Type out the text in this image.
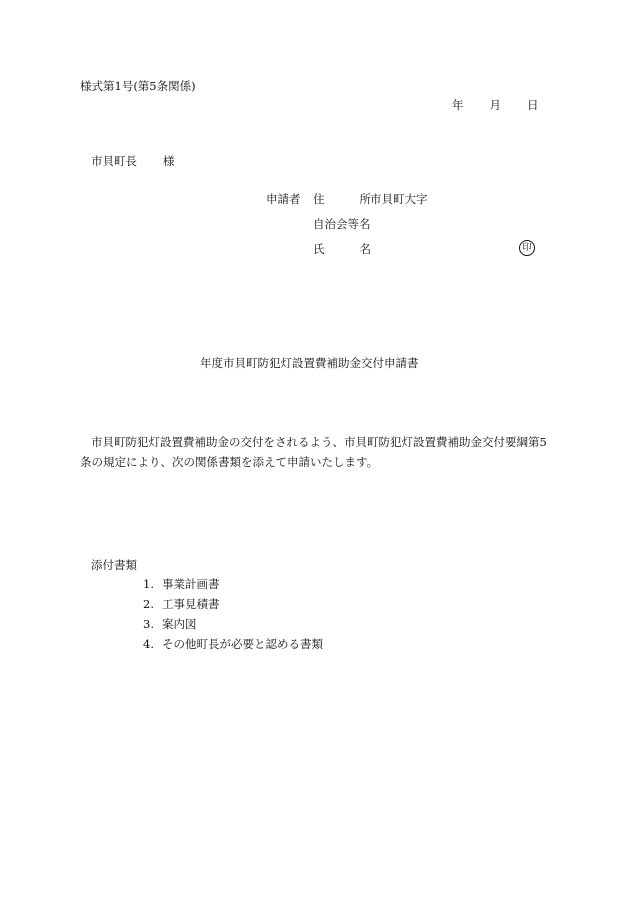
様式第1号(第5条関係)
年 月 日
市貝町長 様
申請者 住　所 市貝町大字
自治会等名
氏　名	印
年度市貝町防犯灯設置費補助金交付申請書
市貝町防犯灯設置費補助金の交付をされるよう、市貝町防犯灯設置費補助金交付要綱第5条の規定により、次の関係書類を添えて申請いたします。
添付書類
1. 事業計画書
2. 工事見積書
3. 案内図
4. その他町長が必要と認める書類
